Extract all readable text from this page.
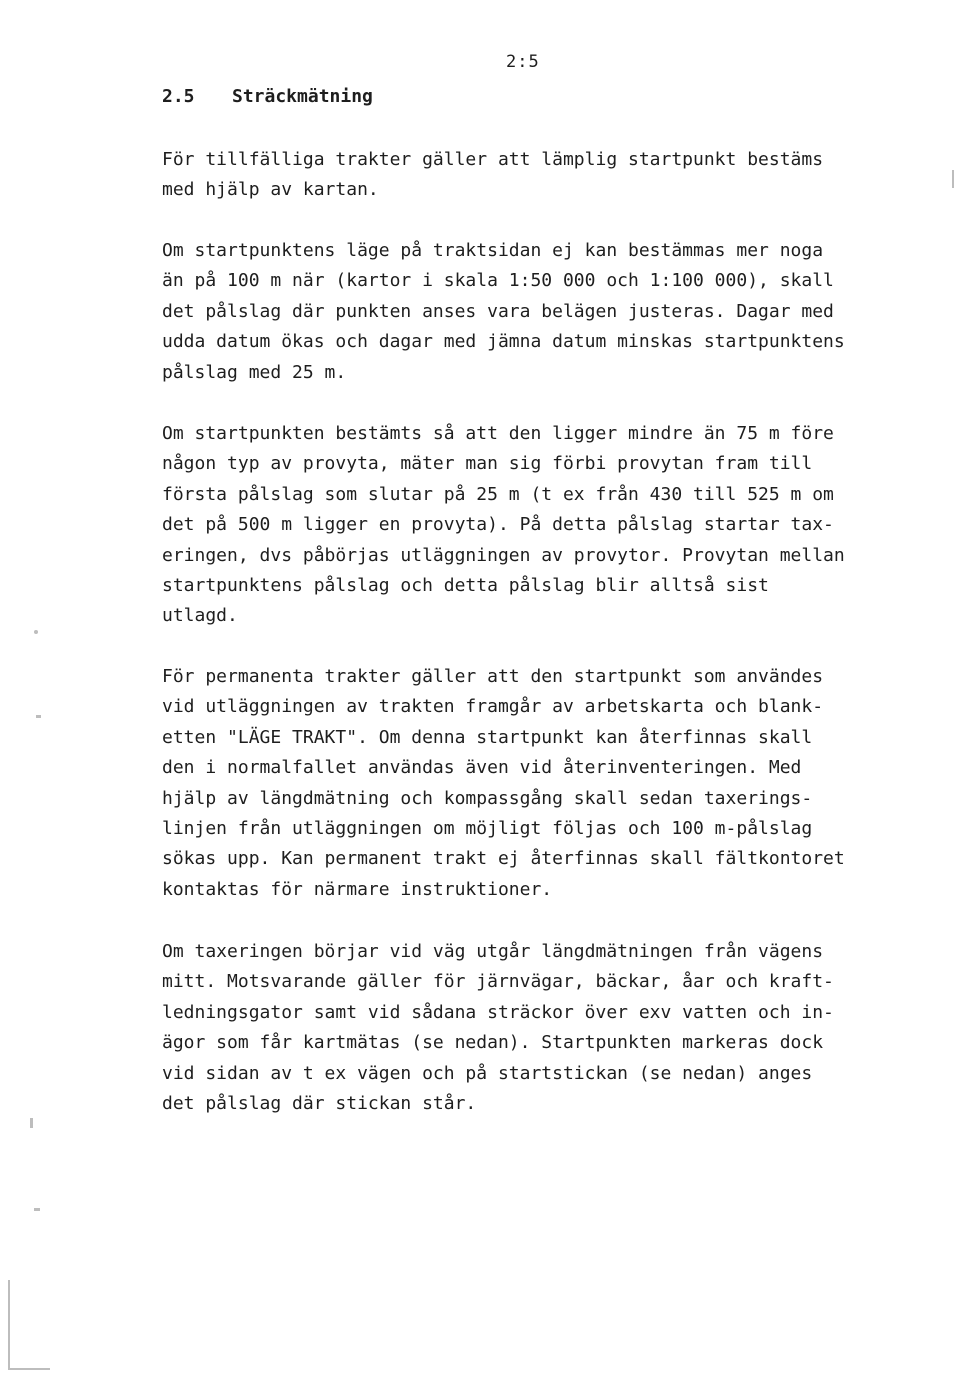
2:5
2.5 Sträckmätning
För tillfälliga trakter gäller att lämplig startpunkt bestäms
med hjälp av kartan.
Om startpunktens läge på traktsidan ej kan bestämmas mer noga
än på 100 m när (kartor i skala 1:50 000 och 1:100 000), skall
det pålslag där punkten anses vara belägen justeras. Dagar med
udda datum ökas och dagar med jämna datum minskas startpunktens
pålslag med 25 m.
Om startpunkten bestämts så att den ligger mindre än 75 m före
någon typ av provyta, mäter man sig förbi provytan fram till
första pålslag som slutar på 25 m (t ex från 430 till 525 m om
det på 500 m ligger en provyta). På detta pålslag startar tax-
eringen, dvs påbörjas utläggningen av provytor. Provytan mellan
startpunktens pålslag och detta pålslag blir alltså sist
utlagd.
För permanenta trakter gäller att den startpunkt som användes
vid utläggningen av trakten framgår av arbetskarta och blank-
etten "LÄGE TRAKT". Om denna startpunkt kan återfinnas skall
den i normalfallet användas även vid återinventeringen. Med
hjälp av längdmätning och kompassgång skall sedan taxerings-
linjen från utläggningen om möjligt följas och 100 m-pålslag
sökas upp. Kan permanent trakt ej återfinnas skall fältkontoret
kontaktas för närmare instruktioner.
Om taxeringen börjar vid väg utgår längdmätningen från vägens
mitt. Motsvarande gäller för järnvägar, bäckar, åar och kraft-
ledningsgator samt vid sådana sträckor över exv vatten och in-
ägor som får kartmätas (se nedan). Startpunkten markeras dock
vid sidan av t ex vägen och på startstickan (se nedan) anges
det pålslag där stickan står.
